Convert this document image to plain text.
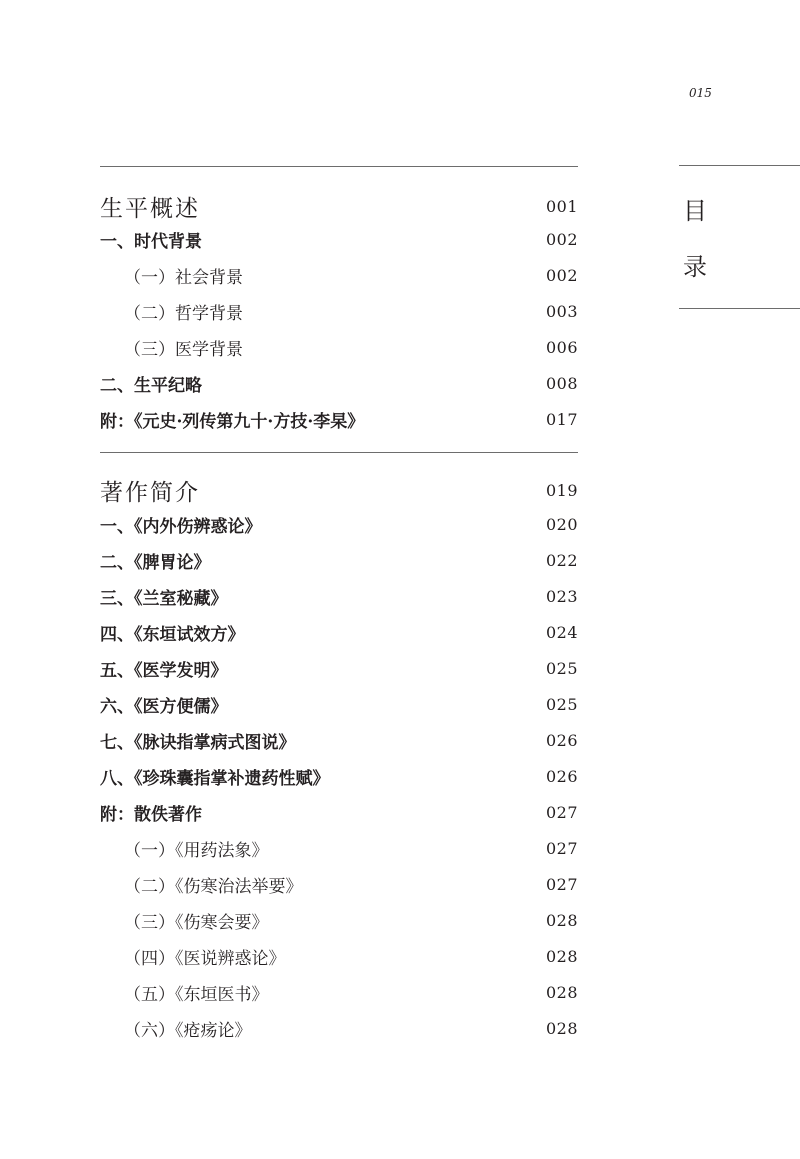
015
目
录
生平概述	001
一、时代背景	002
（一）社会背景	002
（二）哲学背景	003
（三）医学背景	006
二、生平纪略	008
附：《元史·列传第九十·方技·李杲》	017
著作简介	019
一、《内外伤辨惑论》	020
二、《脾胃论》	022
三、《兰室秘藏》	023
四、《东垣试效方》	024
五、《医学发明》	025
六、《医方便儒》	025
七、《脉诀指掌病式图说》	026
八、《珍珠囊指掌补遗药性赋》	026
附：散佚著作	027
（一）《用药法象》	027
（二）《伤寒治法举要》	027
（三）《伤寒会要》	028
（四）《医说辨惑论》	028
（五）《东垣医书》	028
（六）《疮疡论》	028
